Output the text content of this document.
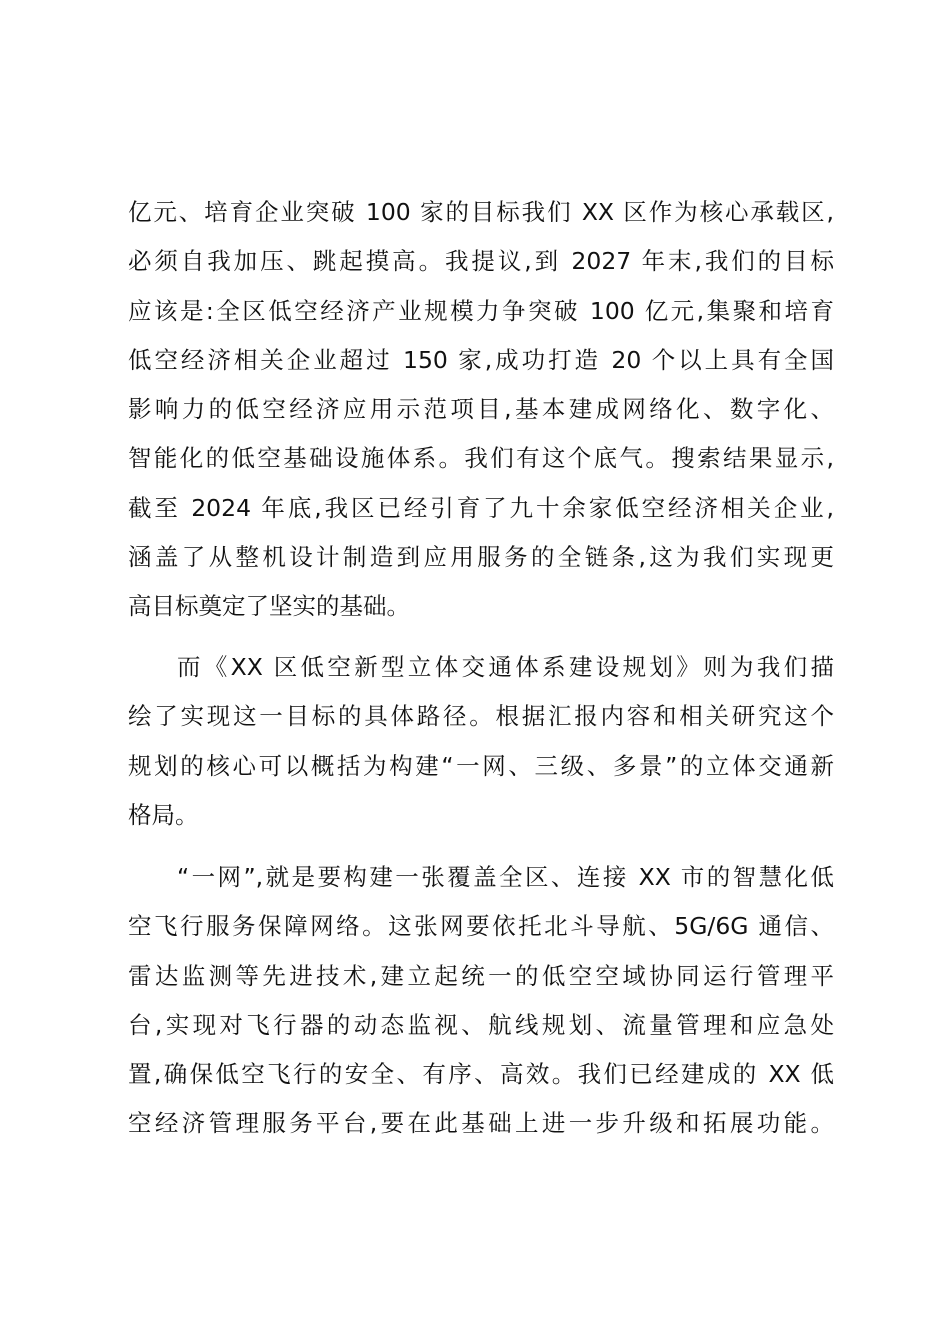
亿元、培育企业突破 100 家的目标我们 XX 区作为核心承载区,
必须自我加压、跳起摸高。我提议,到 2027 年末,我们的目标
应该是:全区低空经济产业规模力争突破 100 亿元,集聚和培育
低空经济相关企业超过 150 家,成功打造 20 个以上具有全国
影响力的低空经济应用示范项目,基本建成网络化、数字化、
智能化的低空基础设施体系。我们有这个底气。搜索结果显示,
截至 2024 年底,我区已经引育了九十余家低空经济相关企业,
涵盖了从整机设计制造到应用服务的全链条,这为我们实现更
高目标奠定了坚实的基础。
而《XX 区低空新型立体交通体系建设规划》则为我们描
绘了实现这一目标的具体路径。根据汇报内容和相关研究这个
规划的核心可以概括为构建“一网、三级、多景”的立体交通新
格局。
“一网”,就是要构建一张覆盖全区、连接 XX 市的智慧化低
空飞行服务保障网络。这张网要依托北斗导航、5G/6G 通信、
雷达监测等先进技术,建立起统一的低空空域协同运行管理平
台,实现对飞行器的动态监视、航线规划、流量管理和应急处
置,确保低空飞行的安全、有序、高效。我们已经建成的 XX 低
空经济管理服务平台,要在此基础上进一步升级和拓展功能。
